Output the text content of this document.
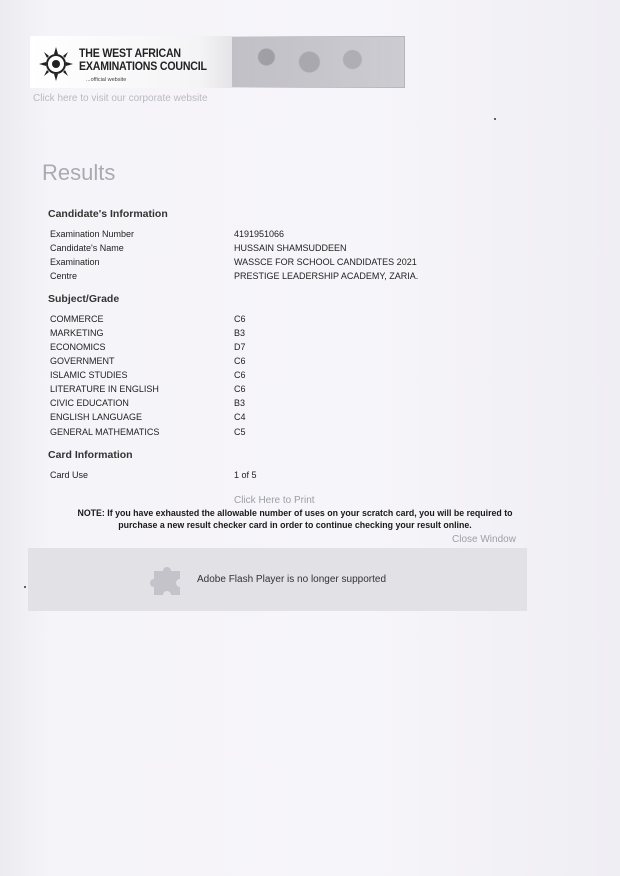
THE WEST AFRICAN
EXAMINATIONS COUNCIL
...official website
Click here to visit our corporate website
Results
Candidate's Information
Examination Number	4191951066
Candidate's Name	HUSSAIN SHAMSUDDEEN
Examination	WASSCE FOR SCHOOL CANDIDATES 2021
Centre	PRESTIGE LEADERSHIP ACADEMY, ZARIA.
Subject/Grade
COMMERCE	C6
MARKETING	B3
ECONOMICS	D7
GOVERNMENT	C6
ISLAMIC STUDIES	C6
LITERATURE IN ENGLISH	C6
CIVIC EDUCATION	B3
ENGLISH LANGUAGE	C4
GENERAL MATHEMATICS	C5
Card Information
Card Use	1 of 5
Click Here to Print
NOTE: If you have exhausted the allowable number of uses on your scratch card, you will be required to
purchase a new result checker card in order to continue checking your result online.
Close Window
Adobe Flash Player is no longer supported
